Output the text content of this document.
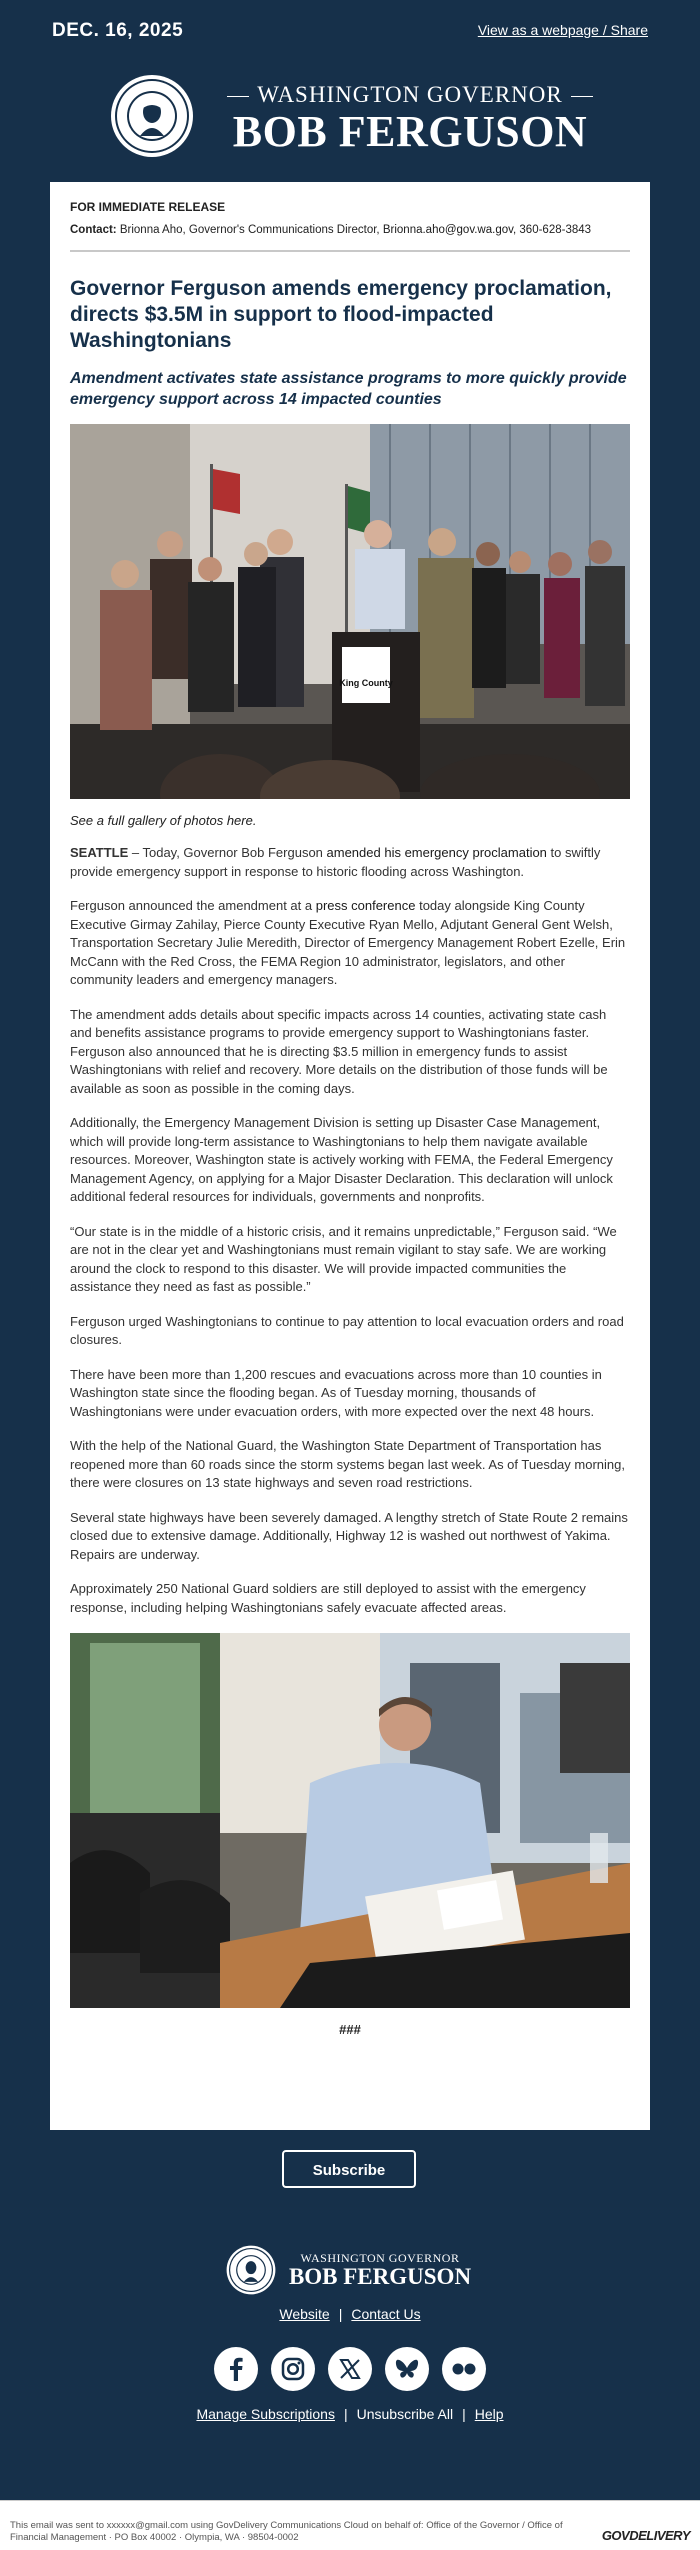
DEC. 16, 2025	View as a webpage / Share
WASHINGTON GOVERNOR
BOB FERGUSON
FOR IMMEDIATE RELEASE
Contact: Brionna Aho, Governor's Communications Director, Brionna.aho@gov.wa.gov, 360-628-3843
Governor Ferguson amends emergency proclamation, directs $3.5M in support to flood-impacted Washingtonians
Amendment activates state assistance programs to more quickly provide emergency support across 14 impacted counties
King County
See a full gallery of photos here.

SEATTLE – Today, Governor Bob Ferguson amended his emergency proclamation to swiftly provide emergency support in response to historic flooding across Washington.

Ferguson announced the amendment at a press conference today alongside King County Executive Girmay Zahilay, Pierce County Executive Ryan Mello, Adjutant General Gent Welsh, Transportation Secretary Julie Meredith, Director of Emergency Management Robert Ezelle, Erin McCann with the Red Cross, the FEMA Region 10 administrator, legislators, and other community leaders and emergency managers.

The amendment adds details about specific impacts across 14 counties, activating state cash and benefits assistance programs to provide emergency support to Washingtonians faster. Ferguson also announced that he is directing $3.5 million in emergency funds to assist Washingtonians with relief and recovery. More details on the distribution of those funds will be available as soon as possible in the coming days.

Additionally, the Emergency Management Division is setting up Disaster Case Management, which will provide long-term assistance to Washingtonians to help them navigate available resources. Moreover, Washington state is actively working with FEMA, the Federal Emergency Management Agency, on applying for a Major Disaster Declaration. This declaration will unlock additional federal resources for individuals, governments and nonprofits.

“Our state is in the middle of a historic crisis, and it remains unpredictable,” Ferguson said. “We are not in the clear yet and Washingtonians must remain vigilant to stay safe. We are working around the clock to respond to this disaster. We will provide impacted communities the assistance they need as fast as possible.”

Ferguson urged Washingtonians to continue to pay attention to local evacuation orders and road closures.

There have been more than 1,200 rescues and evacuations across more than 10 counties in Washington state since the flooding began. As of Tuesday morning, thousands of Washingtonians were under evacuation orders, with more expected over the next 48 hours.

With the help of the National Guard, the Washington State Department of Transportation has reopened more than 60 roads since the storm systems began last week. As of Tuesday morning, there were closures on 13 state highways and seven road restrictions.

Several state highways have been severely damaged. A lengthy stretch of State Route 2 remains closed due to extensive damage. Additionally, Highway 12 is washed out northwest of Yakima. Repairs are underway.

Approximately 250 National Guard soldiers are still deployed to assist with the emergency response, including helping Washingtonians safely evacuate affected areas.

###
Subscribe
WASHINGTON GOVERNOR
BOB FERGUSON
Website | Contact Us
Manage Subscriptions | Unsubscribe All | Help
This email was sent to xxxxxx@gmail.com using GovDelivery Communications Cloud on behalf of: Office of the Governor / Office of Financial Management · PO Box 40002 · Olympia, WA · 98504-0002	GOVDELIVERY
